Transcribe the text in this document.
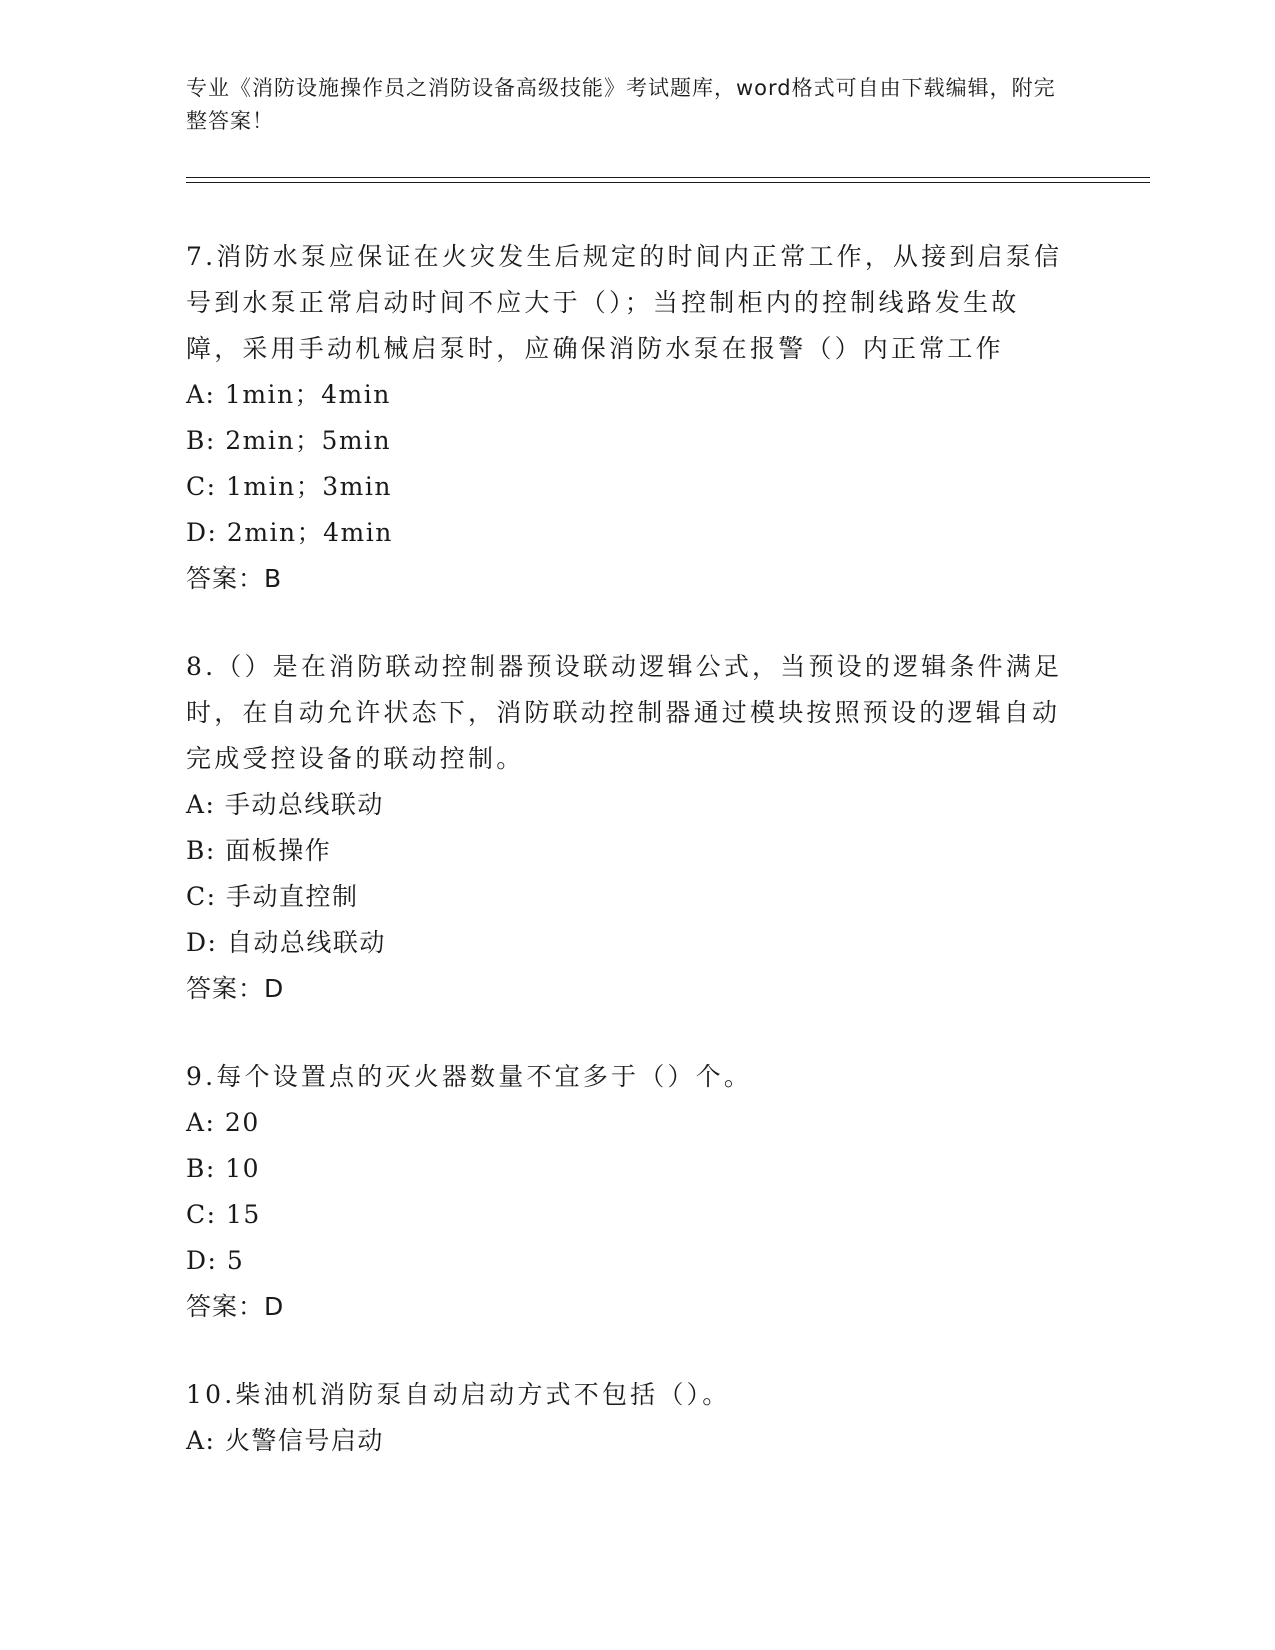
专业《消防设施操作员之消防设备高级技能》考试题库，word格式可自由下载编辑，附完整答案！

7.消防水泵应保证在火灾发生后规定的时间内正常工作，从接到启泵信号到水泵正常启动时间不应大于（）；当控制柜内的控制线路发生故障，采用手动机械启泵时，应确保消防水泵在报警（）内正常工作

A: 1min；4min

B: 2min；5min

C: 1min；3min

D: 2min；4min

答案：B

8.（）是在消防联动控制器预设联动逻辑公式，当预设的逻辑条件满足时，在自动允许状态下，消防联动控制器通过模块按照预设的逻辑自动完成受控设备的联动控制。

A: 手动总线联动

B: 面板操作

C: 手动直控制

D: 自动总线联动

答案：D

9.每个设置点的灭火器数量不宜多于（）个。

A: 20

B: 10

C: 15

D: 5

答案：D

10.柴油机消防泵自动启动方式不包括（）。

A: 火警信号启动
